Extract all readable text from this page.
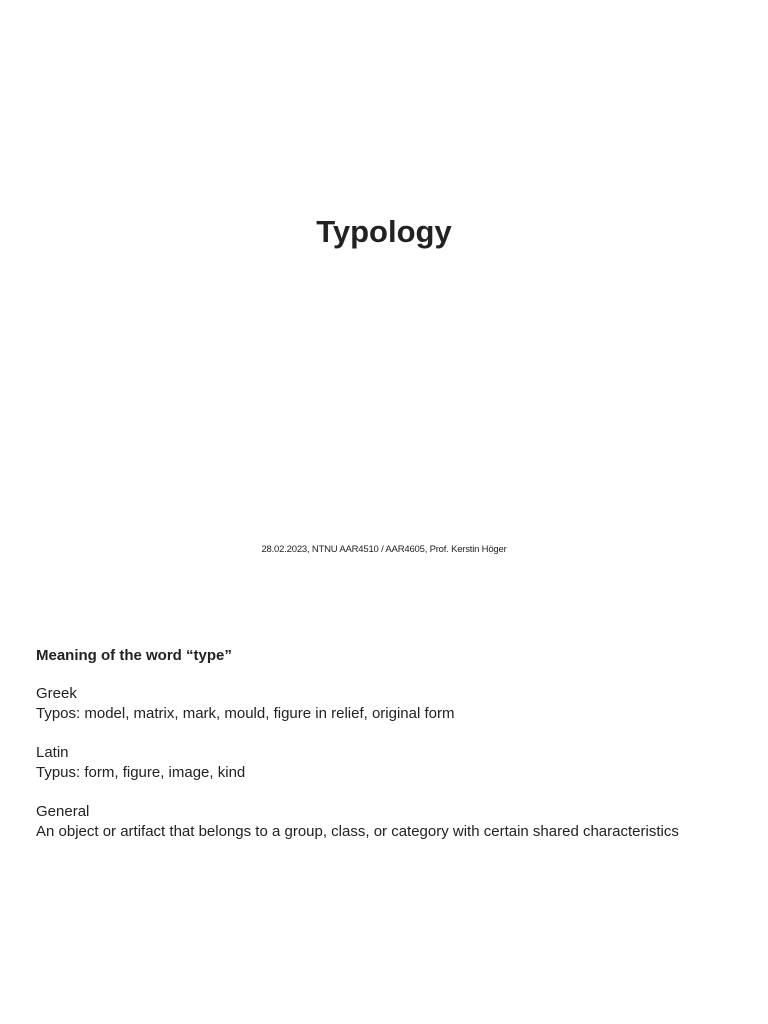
Typology

28.02.2023, NTNU AAR4510 / AAR4605, Prof. Kerstin Höger

Meaning of the word “type”

Greek

Typos: model, matrix, mark, mould, figure in relief, original form

Latin

Typus: form, figure, image, kind

General

An object or artifact that belongs to a group, class, or category with certain shared characteristics
